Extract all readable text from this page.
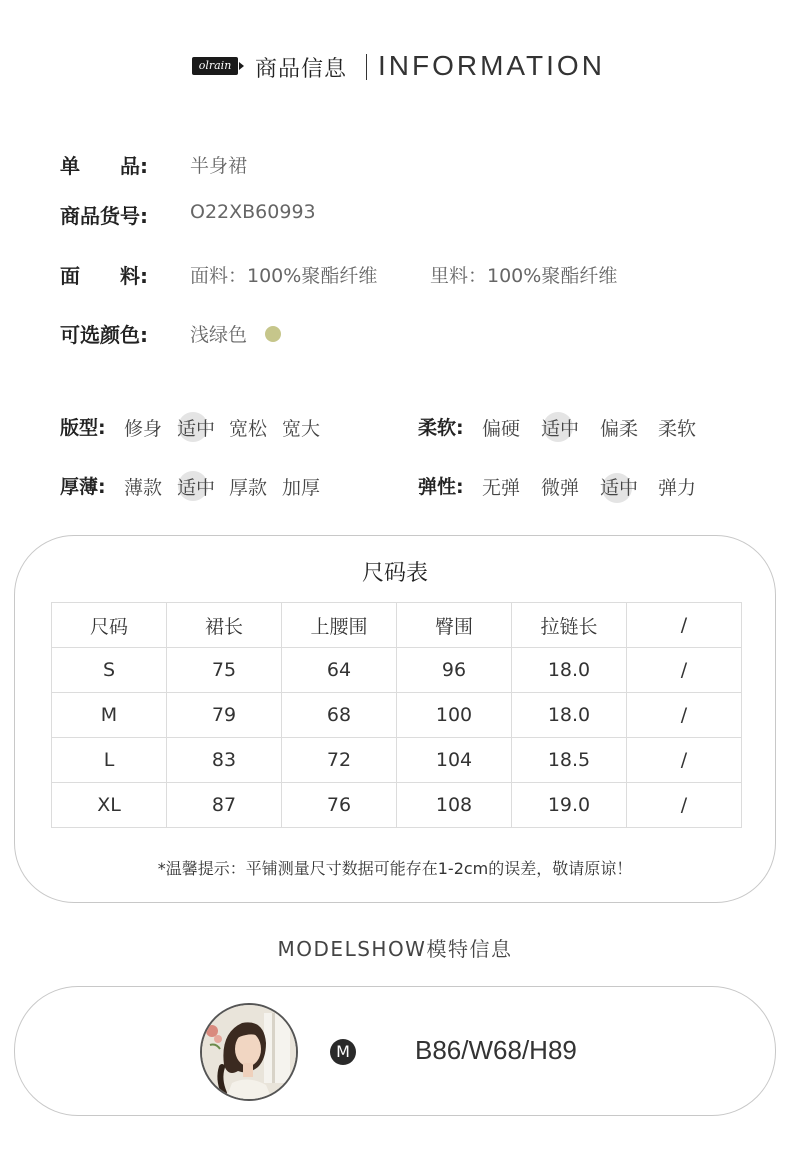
olrain	商品信息 INFORMATION
单　　品: 半身裙
商品货号: O22XB60993
面　　料: 面料：100%聚酯纤维	里料：100%聚酯纤维
可选颜色: 浅绿色
版型: 修身 适中 宽松 宽大	柔软: 偏硬 适中 偏柔 柔软
厚薄: 薄款 适中 厚款 加厚	弹性: 无弹 微弹 适中 弹力
尺码表
尺码	裙长	上腰围	臀围	拉链长	/
S	75	64	96	18.0	/
M	79	68	100	18.0	/
L	83	72	104	18.5	/
XL	87	76	108	19.0	/
*温馨提示：平铺测量尺寸数据可能存在1-2cm的误差，敬请原谅！
MODELSHOW模特信息
M	B86/W68/H89
